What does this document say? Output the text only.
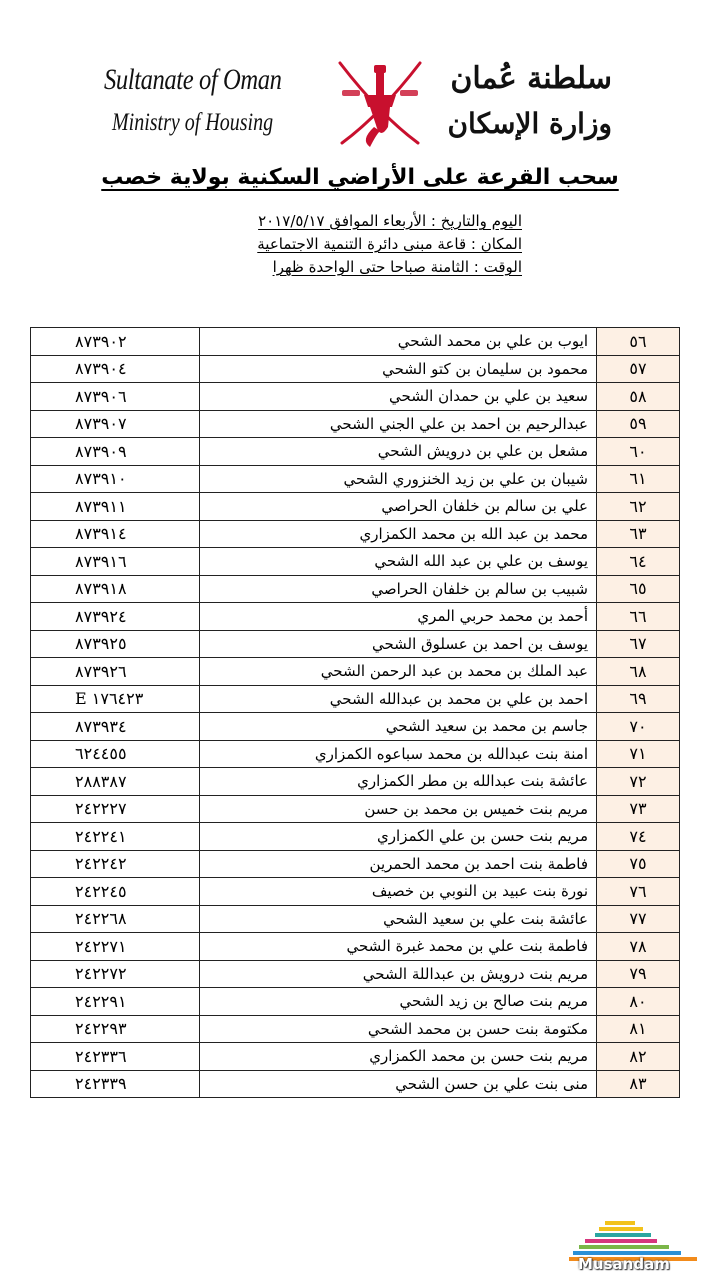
Sultanate of Oman
Ministry of Housing
سلطنة عُمان
وزارة الإسكان
سحب القرعة على الأراضي السكنية بولاية خصب
اليوم والتاريخ : الأربعاء الموافق ٢٠١٧/٥/١٧
المكان : قاعة مبنى دائرة التنمية الاجتماعية
الوقت : الثامنة صباحا حتى الواحدة ظهرا
٥٦	ايوب بن علي بن محمد الشحي	٨٧٣٩٠٢
٥٧	محمود بن سليمان بن كتو الشحي	٨٧٣٩٠٤
٥٨	سعيد بن علي بن حمدان الشحي	٨٧٣٩٠٦
٥٩	عبدالرحيم بن احمد بن علي الجني الشحي	٨٧٣٩٠٧
٦٠	مشعل بن علي بن درويش الشحي	٨٧٣٩٠٩
٦١	شيبان بن علي بن زيد الخنزوري الشحي	٨٧٣٩١٠
٦٢	علي بن سالم بن خلفان الحراصي	٨٧٣٩١١
٦٣	محمد بن عبد الله بن محمد الكمزاري	٨٧٣٩١٤
٦٤	يوسف بن علي بن عبد الله الشحي	٨٧٣٩١٦
٦٥	شبيب بن سالم بن خلفان الحراصي	٨٧٣٩١٨
٦٦	أحمد بن محمد حربي المري	٨٧٣٩٢٤
٦٧	يوسف بن احمد بن عسلوق الشحي	٨٧٣٩٢٥
٦٨	عبد الملك بن محمد بن عبد الرحمن الشحي	٨٧٣٩٢٦
٦٩	احمد بن علي بن محمد بن عبدالله الشحي	E ١٧٦٤٢٣
٧٠	جاسم بن محمد بن سعيد الشحي	٨٧٣٩٣٤
٧١	امنة بنت عبدالله بن محمد سباعوه الكمزاري	٦٢٤٤٥٥
٧٢	عائشة بنت عبدالله بن مطر الكمزاري	٢٨٨٣٨٧
٧٣	مريم بنت خميس بن محمد بن حسن	٢٤٢٢٢٧
٧٤	مريم بنت حسن بن علي الكمزاري	٢٤٢٢٤١
٧٥	فاطمة بنت احمد بن محمد الحمرين	٢٤٢٢٤٢
٧٦	نورة بنت عبيد بن النوبي بن خصيف	٢٤٢٢٤٥
٧٧	عائشة بنت علي بن سعيد الشحي	٢٤٢٢٦٨
٧٨	فاطمة بنت علي بن محمد غبرة الشحي	٢٤٢٢٧١
٧٩	مريم بنت درويش بن عبداللة الشحي	٢٤٢٢٧٢
٨٠	مريم بنت صالح بن زيد الشحي	٢٤٢٢٩١
٨١	مكتومة بنت حسن بن محمد الشحي	٢٤٢٢٩٣
٨٢	مريم بنت حسن بن محمد الكمزاري	٢٤٢٣٣٦
٨٣	منى بنت علي بن حسن الشحي	٢٤٢٣٣٩
Musandam
